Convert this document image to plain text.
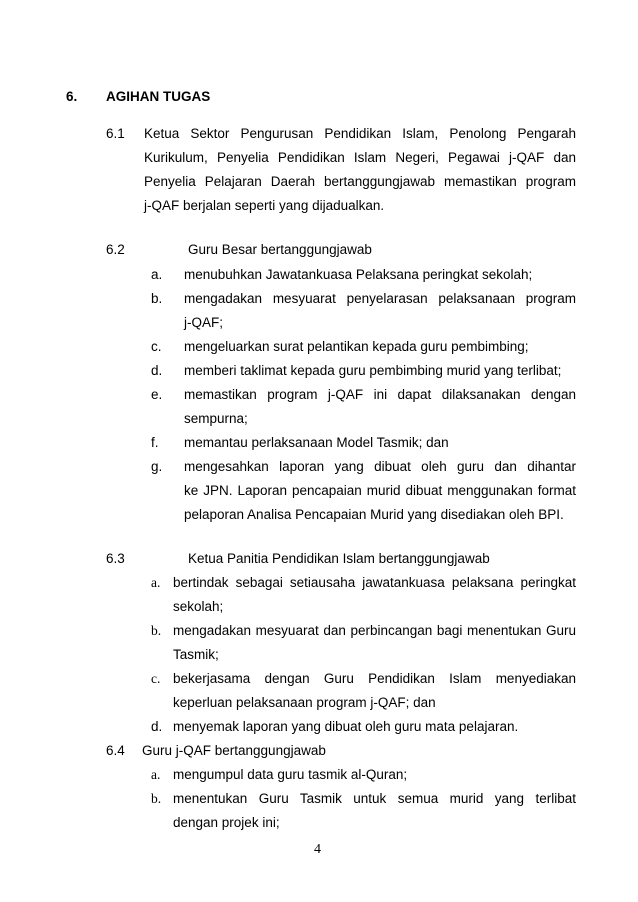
6. AGIHAN TUGAS
6.1 Ketua Sektor Pengurusan Pendidikan Islam, Penolong Pengarah
Kurikulum, Penyelia Pendidikan Islam Negeri, Pegawai j-QAF dan
Penyelia Pelajaran Daerah bertanggungjawab memastikan program
j-QAF berjalan seperti yang dijadualkan.
6.2	Guru Besar bertanggungjawab
a. menubuhkan Jawatankuasa Pelaksana peringkat sekolah;
b. mengadakan mesyuarat penyelarasan pelaksanaan program
j-QAF;
c. mengeluarkan surat pelantikan kepada guru pembimbing;
d. memberi taklimat kepada guru pembimbing murid yang terlibat;
e. memastikan program j-QAF ini dapat dilaksanakan dengan
sempurna;
f. memantau perlaksanaan Model Tasmik; dan
g. mengesahkan laporan yang dibuat oleh guru dan dihantar
ke JPN. Laporan pencapaian murid dibuat menggunakan format
pelaporan Analisa Pencapaian Murid yang disediakan oleh BPI.
6.3	Ketua Panitia Pendidikan Islam bertanggungjawab
a. bertindak sebagai setiausaha jawatankuasa pelaksana peringkat
sekolah;
b. mengadakan mesyuarat dan perbincangan bagi menentukan Guru
Tasmik;
c. bekerjasama dengan Guru Pendidikan Islam menyediakan
keperluan pelaksanaan program j-QAF; dan
d. menyemak laporan yang dibuat oleh guru mata pelajaran.
6.4 Guru j-QAF bertanggungjawab
a. mengumpul data guru tasmik al-Quran;
b. menentukan Guru Tasmik untuk semua murid yang terlibat
dengan projek ini;
4
